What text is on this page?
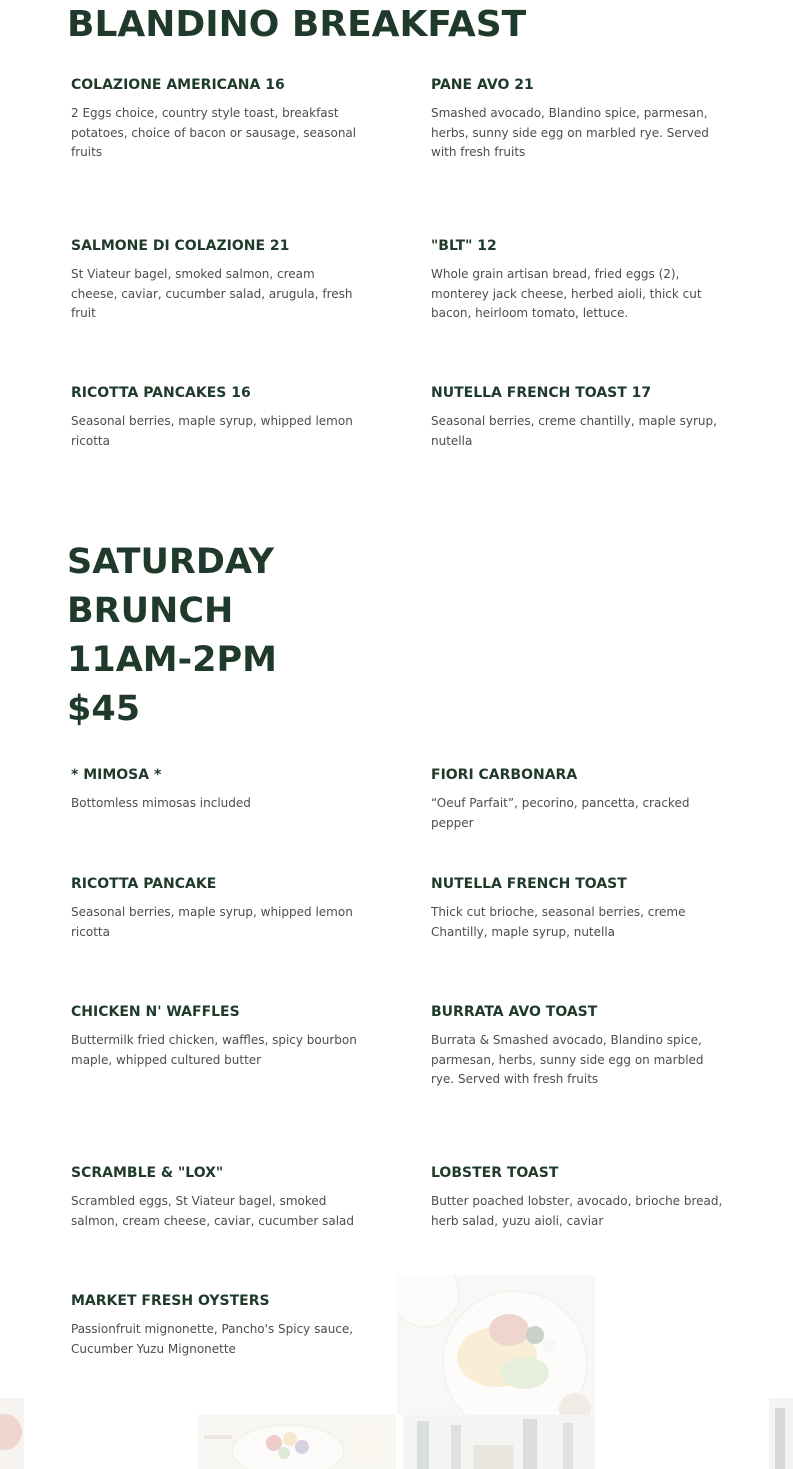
BLANDINO BREAKFAST
COLAZIONE AMERICANA 16
2 Eggs choice, country style toast, breakfast potatoes, choice of bacon or sausage, seasonal fruits
PANE AVO 21
Smashed avocado, Blandino spice, parmesan, herbs, sunny side egg on marbled rye. Served with fresh fruits
SALMONE DI COLAZIONE 21
St Viateur bagel, smoked salmon, cream cheese, caviar, cucumber salad, arugula, fresh fruit
"BLT" 12
Whole grain artisan bread, fried eggs (2), monterey jack cheese, herbed aioli, thick cut bacon, heirloom tomato, lettuce.
RICOTTA PANCAKES 16
Seasonal berries, maple syrup, whipped lemon ricotta
NUTELLA FRENCH TOAST 17
Seasonal berries, creme chantilly, maple syrup, nutella
SATURDAY
BRUNCH
11AM-2PM
$45
* MIMOSA *
Bottomless mimosas included
FIORI CARBONARA
“Oeuf Parfait”, pecorino, pancetta, cracked pepper
RICOTTA PANCAKE
Seasonal berries, maple syrup, whipped lemon ricotta
NUTELLA FRENCH TOAST
Thick cut brioche, seasonal berries, creme Chantilly, maple syrup, nutella
CHICKEN N' WAFFLES
Buttermilk fried chicken, waffles, spicy bourbon maple, whipped cultured butter
BURRATA AVO TOAST
Burrata & Smashed avocado, Blandino spice, parmesan, herbs, sunny side egg on marbled rye. Served with fresh fruits
SCRAMBLE & "LOX"
Scrambled eggs, St Viateur bagel, smoked salmon, cream cheese, caviar, cucumber salad
LOBSTER TOAST
Butter poached lobster, avocado, brioche bread, herb salad, yuzu aioli, caviar
MARKET FRESH OYSTERS
Passionfruit mignonette, Pancho's Spicy sauce, Cucumber Yuzu Mignonette
